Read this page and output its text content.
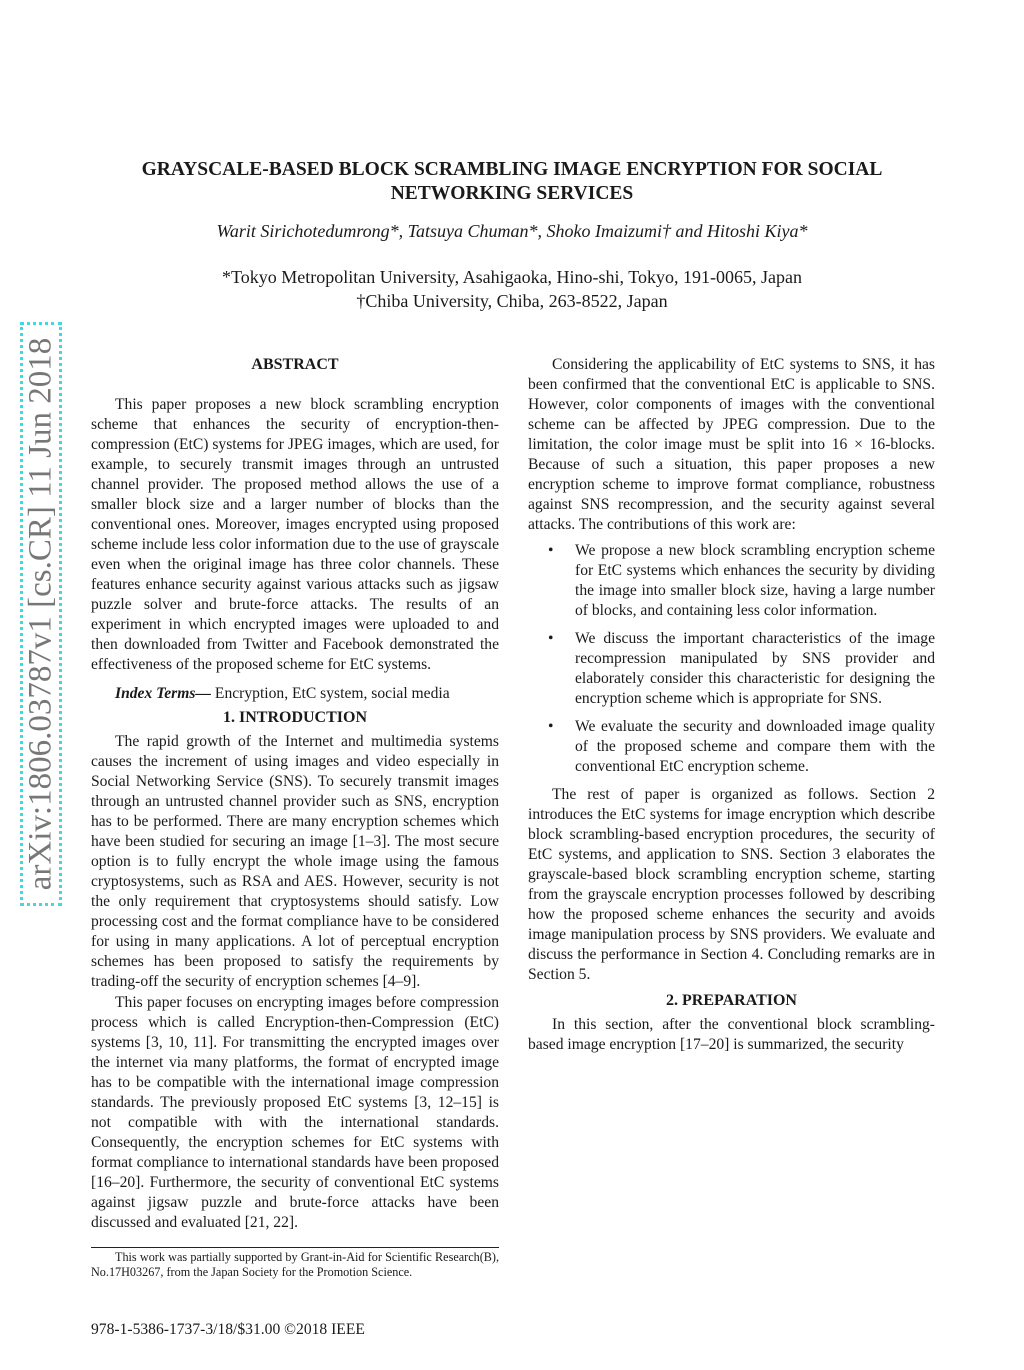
arXiv:1806.03787v1 [cs.CR] 11 Jun 2018
GRAYSCALE-BASED BLOCK SCRAMBLING IMAGE ENCRYPTION FOR SOCIAL
NETWORKING SERVICES
Warit Sirichotedumrong*, Tatsuya Chuman*, Shoko Imaizumi† and Hitoshi Kiya*
*Tokyo Metropolitan University, Asahigaoka, Hino-shi, Tokyo, 191-0065, Japan
†Chiba University, Chiba, 263-8522, Japan
ABSTRACT

This paper proposes a new block scrambling encryption scheme that enhances the security of encryption-then-compression (EtC) systems for JPEG images, which are used, for example, to securely transmit images through an untrusted channel provider. The proposed method allows the use of a smaller block size and a larger number of blocks than the conventional ones. Moreover, images encrypted using proposed scheme include less color information due to the use of grayscale even when the original image has three color channels. These features enhance security against various attacks such as jigsaw puzzle solver and brute-force attacks. The results of an experiment in which encrypted images were uploaded to and then downloaded from Twitter and Facebook demonstrated the effectiveness of the proposed scheme for EtC systems.

Index Terms— Encryption, EtC system, social media

1. INTRODUCTION

The rapid growth of the Internet and multimedia systems causes the increment of using images and video especially in Social Networking Service (SNS). To securely transmit images through an untrusted channel provider such as SNS, encryption has to be performed. There are many encryption schemes which have been studied for securing an image [1–3]. The most secure option is to fully encrypt the whole image using the famous cryptosystems, such as RSA and AES. However, security is not the only requirement that cryptosystems should satisfy. Low processing cost and the format compliance have to be considered for using in many applications. A lot of perceptual encryption schemes has been proposed to satisfy the requirements by trading-off the security of encryption schemes [4–9].

This paper focuses on encrypting images before compression process which is called Encryption-then-Compression (EtC) systems [3, 10, 11]. For transmitting the encrypted images over the internet via many platforms, the format of encrypted image has to be compatible with the international image compression standards. The previously proposed EtC systems [3, 12–15] is not compatible with with the international standards. Consequently, the encryption schemes for EtC systems with format compliance to international standards have been proposed [16–20]. Furthermore, the security of conventional EtC systems against jigsaw puzzle and brute-force attacks have been discussed and evaluated [21, 22].

This work was partially supported by Grant-in-Aid for Scientific Research(B), No.17H03267, from the Japan Society for the Promotion Science.

978-1-5386-1737-3/18/$31.00 ©2018 IEEE

Considering the applicability of EtC systems to SNS, it has been confirmed that the conventional EtC is applicable to SNS. However, color components of images with the conventional scheme can be affected by JPEG compression. Due to the limitation, the color image must be split into 16 × 16-blocks. Because of such a situation, this paper proposes a new encryption scheme to improve format compliance, robustness against SNS recompression, and the security against several attacks. The contributions of this work are:

•	We propose a new block scrambling encryption scheme for EtC systems which enhances the security by dividing the image into smaller block size, having a large number of blocks, and containing less color information.
•	We discuss the important characteristics of the image recompression manipulated by SNS provider and elaborately consider this characteristic for designing the encryption scheme which is appropriate for SNS.
•	We evaluate the security and downloaded image quality of the proposed scheme and compare them with the conventional EtC encryption scheme.

The rest of paper is organized as follows. Section 2 introduces the EtC systems for image encryption which describe block scrambling-based encryption procedures, the security of EtC systems, and application to SNS. Section 3 elaborates the grayscale-based block scrambling encryption scheme, starting from the grayscale encryption processes followed by describing how the proposed scheme enhances the security and avoids image manipulation process by SNS providers. We evaluate and discuss the performance in Section 4. Concluding remarks are in Section 5.

2. PREPARATION

In this section, after the conventional block scrambling-based image encryption [17–20] is summarized, the security
